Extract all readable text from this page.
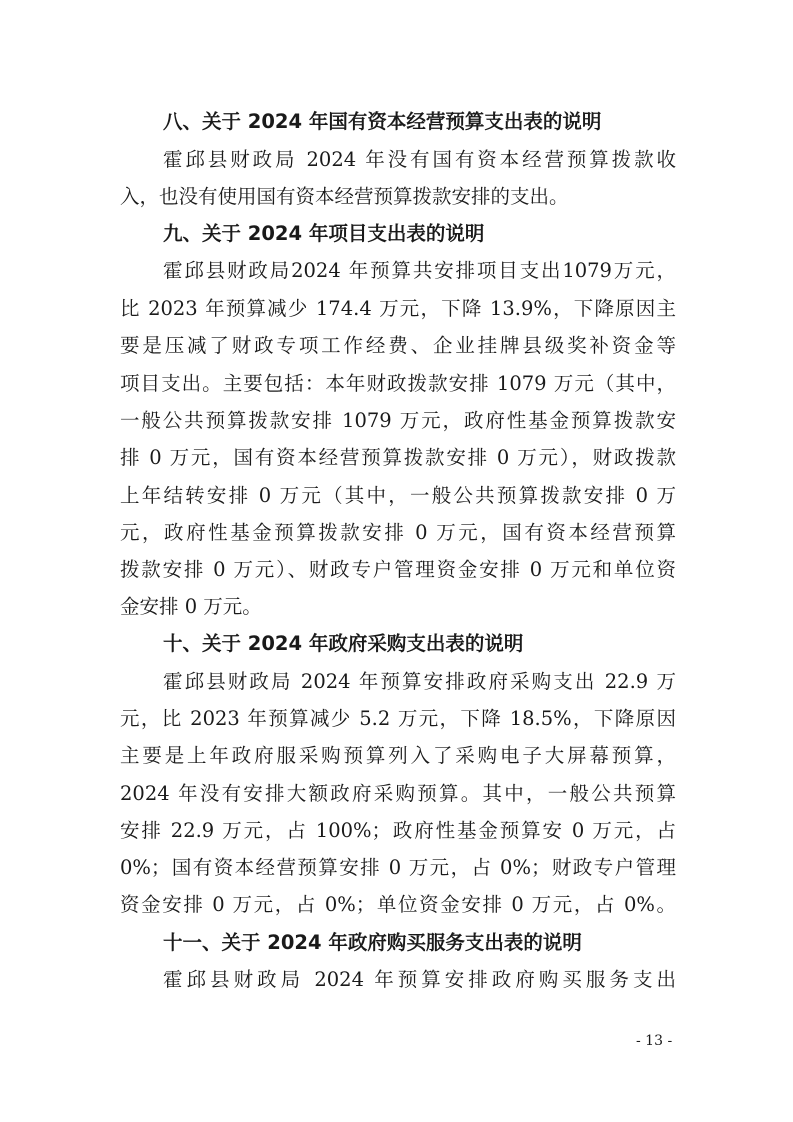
八、关于 2024 年国有资本经营预算支出表的说明
霍邱县财政局 2024 年没有国有资本经营预算拨款收
入，也没有使用国有资本经营预算拨款安排的支出。
九、关于 2024 年项目支出表的说明
霍邱县财政局2024 年预算共安排项目支出1079万元，
比 2023 年预算减少 174.4 万元，下降 13.9%，下降原因主
要是压减了财政专项工作经费、企业挂牌县级奖补资金等
项目支出。主要包括：本年财政拨款安排 1079 万元（其中，
一般公共预算拨款安排 1079 万元，政府性基金预算拨款安
排 0 万元，国有资本经营预算拨款安排 0 万元），财政拨款
上年结转安排 0 万元（其中，一般公共预算拨款安排 0 万
元，政府性基金预算拨款安排 0 万元，国有资本经营预算
拨款安排 0 万元）、财政专户管理资金安排 0 万元和单位资
金安排 0 万元。
十、关于 2024 年政府采购支出表的说明
霍邱县财政局 2024 年预算安排政府采购支出 22.9 万
元，比 2023 年预算减少 5.2 万元，下降 18.5%，下降原因
主要是上年政府服采购预算列入了采购电子大屏幕预算，
2024 年没有安排大额政府采购预算。其中，一般公共预算
安排 22.9 万元，占 100%；政府性基金预算安 0 万元，占
0%；国有资本经营预算安排 0 万元，占 0%；财政专户管理
资金安排 0 万元，占 0%；单位资金安排 0 万元，占 0%。
十一、关于 2024 年政府购买服务支出表的说明
霍邱县财政局 2024 年预算安排政府购买服务支出
- 13 -
